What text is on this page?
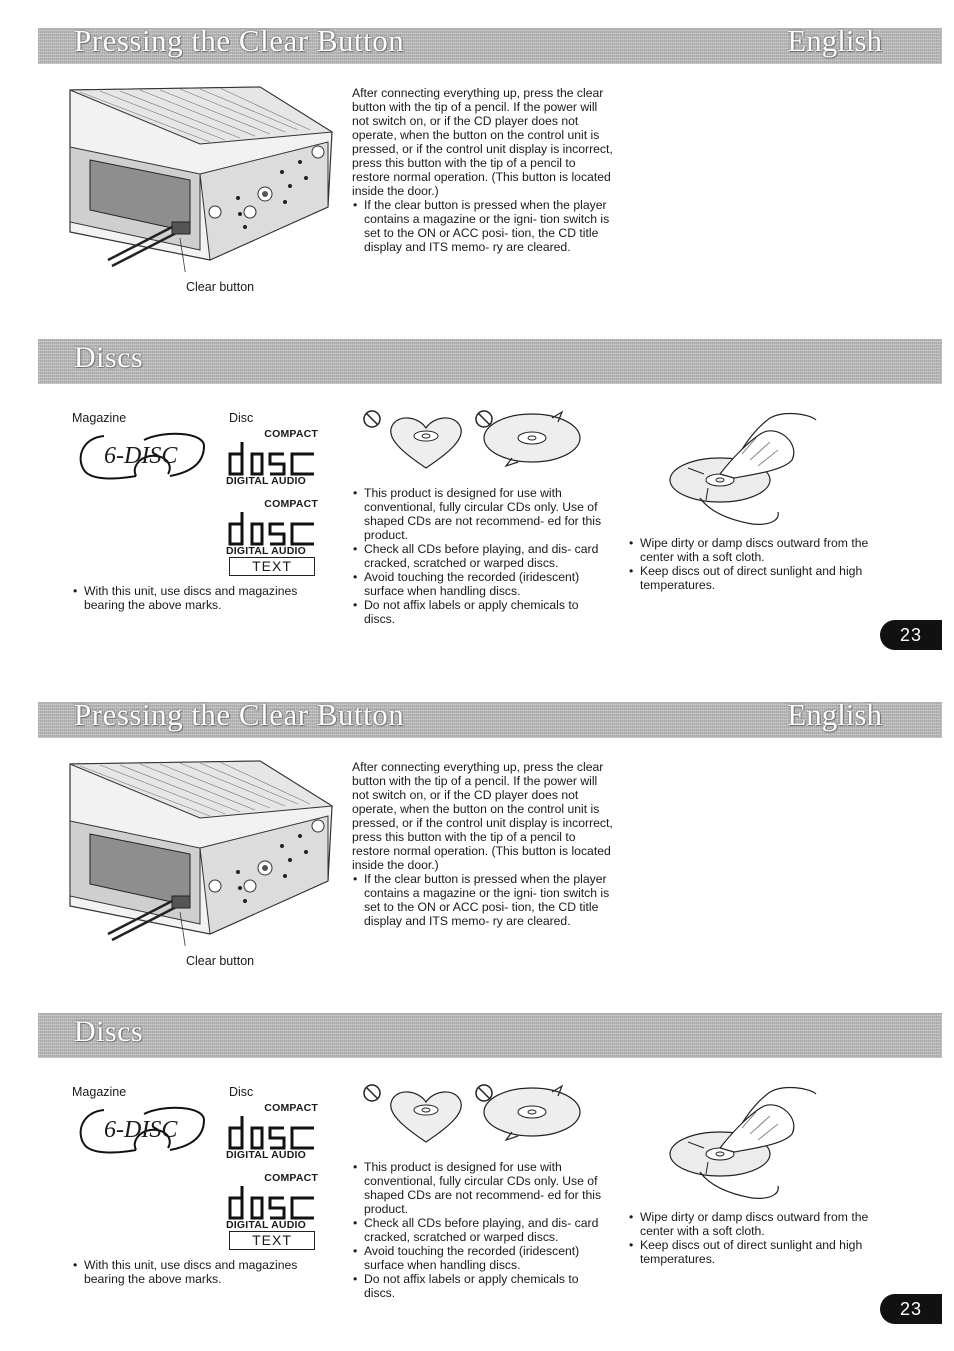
Pressing the Clear Button	English
Clear button

After connecting everything up, press the clear button with the tip of a pencil. If the power will not switch on, or if the CD player does not operate, when the button on the control unit is pressed, or if the control unit display is incorrect, press this button with the tip of a pencil to restore normal operation. (This button is located inside the door.)

• If the clear button is pressed when the player contains a magazine or the igni- tion switch is set to the ON or ACC posi- tion, the CD title display and ITS memo- ry are cleared.
Discs
Magazine	Disc
6-DISC
COMPACT
DIGITAL AUDIO
COMPACT
DIGITAL AUDIO
TEXT
• With this unit, use discs and magazines bearing the above marks.
• This product is designed for use with conventional, fully circular CDs only. Use of shaped CDs are not recommend- ed for this product.
• Check all CDs before playing, and dis- card cracked, scratched or warped discs.
• Avoid touching the recorded (iridescent) surface when handling discs.
• Do not affix labels or apply chemicals to discs.
• Wipe dirty or damp discs outward from the center with a soft cloth.
• Keep discs out of direct sunlight and high temperatures.
23
Pressing the Clear Button	English
Clear button

After connecting everything up, press the clear button with the tip of a pencil. If the power will not switch on, or if the CD player does not operate, when the button on the control unit is pressed, or if the control unit display is incorrect, press this button with the tip of a pencil to restore normal operation. (This button is located inside the door.)

• If the clear button is pressed when the player contains a magazine or the igni- tion switch is set to the ON or ACC posi- tion, the CD title display and ITS memo- ry are cleared.
Discs
Magazine	Disc
6-DISC
COMPACT
DIGITAL AUDIO
COMPACT
DIGITAL AUDIO
TEXT
• With this unit, use discs and magazines bearing the above marks.
• This product is designed for use with conventional, fully circular CDs only. Use of shaped CDs are not recommend- ed for this product.
• Check all CDs before playing, and dis- card cracked, scratched or warped discs.
• Avoid touching the recorded (iridescent) surface when handling discs.
• Do not affix labels or apply chemicals to discs.
• Wipe dirty or damp discs outward from the center with a soft cloth.
• Keep discs out of direct sunlight and high temperatures.
23
